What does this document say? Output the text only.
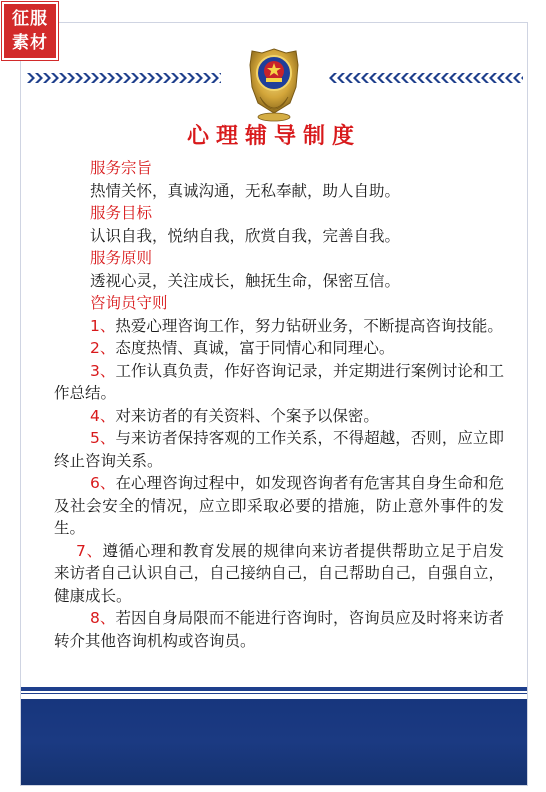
征服
素材
心理辅导制度
服务宗旨
热情关怀，真诚沟通，无私奉献，助人自助。
服务目标
认识自我，悦纳自我，欣赏自我，完善自我。
服务原则
透视心灵，关注成长，触抚生命，保密互信。
咨询员守则

1、热爱心理咨询工作，努力钻研业务，不断提高咨询技能。

2、态度热情、真诚，富于同情心和同理心。

3、工作认真负责，作好咨询记录，并定期进行案例讨论和工作总结。

4、对来访者的有关资料、个案予以保密。

5、与来访者保持客观的工作关系，不得超越，否则，应立即终止咨询关系。

6、在心理咨询过程中，如发现咨询者有危害其自身生命和危及社会安全的情况，应立即采取必要的措施，防止意外事件的发生。

7、遵循心理和教育发展的规律向来访者提供帮助立足于启发来访者自己认识自己，自己接纳自己，自己帮助自己，自强自立，健康成长。

8、若因自身局限而不能进行咨询时，咨询员应及时将来访者转介其他咨询机构或咨询员。
